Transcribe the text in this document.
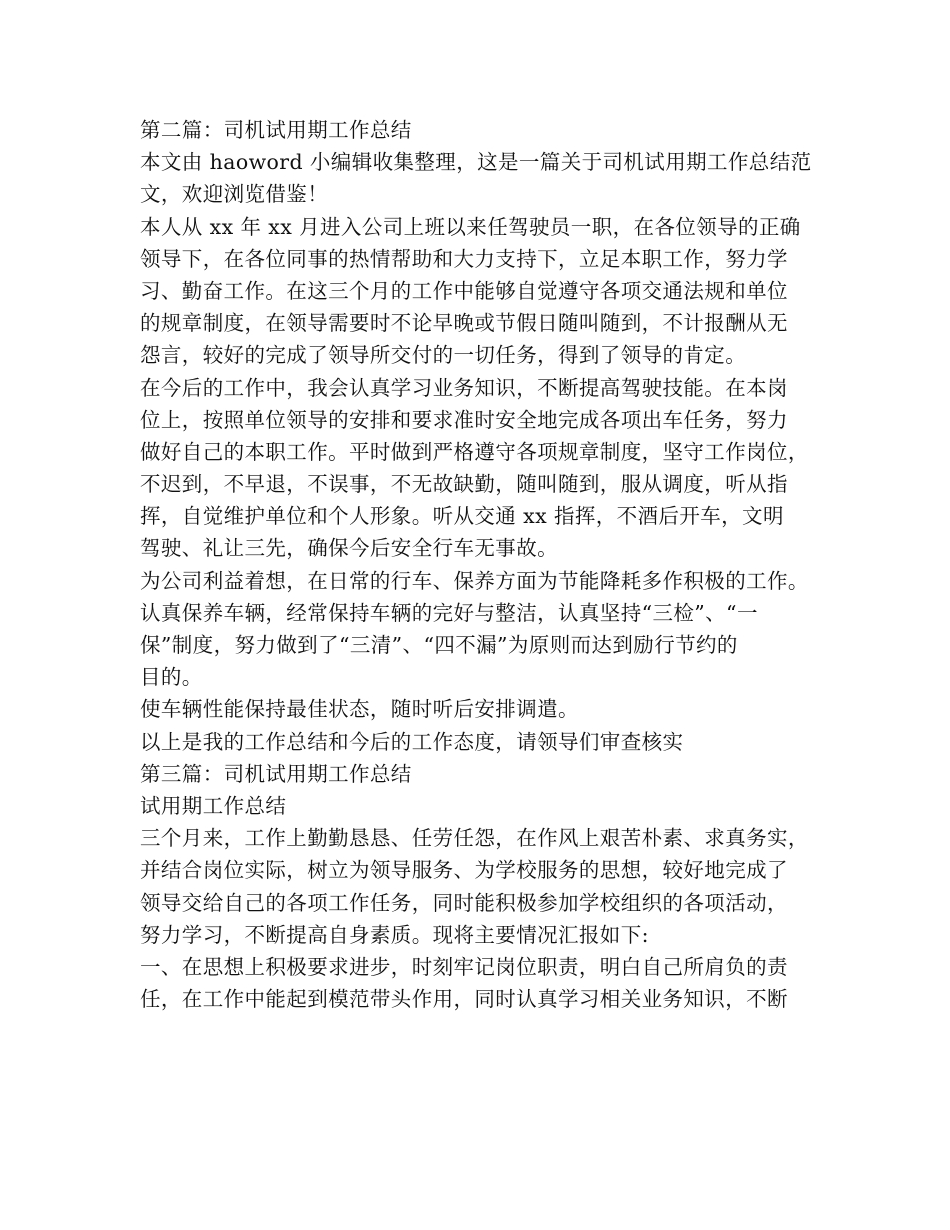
第二篇：司机试用期工作总结
本文由 haoword 小编辑收集整理，这是一篇关于司机试用期工作总结范
文，欢迎浏览借鉴！
本人从 xx 年 xx 月进入公司上班以来任驾驶员一职，在各位领导的正确
领导下，在各位同事的热情帮助和大力支持下，立足本职工作，努力学
习、勤奋工作。在这三个月的工作中能够自觉遵守各项交通法规和单位
的规章制度，在领导需要时不论早晚或节假日随叫随到，不计报酬从无
怨言，较好的完成了领导所交付的一切任务，得到了领导的肯定。
在今后的工作中，我会认真学习业务知识，不断提高驾驶技能。在本岗
位上，按照单位领导的安排和要求准时安全地完成各项出车任务，努力
做好自己的本职工作。平时做到严格遵守各项规章制度，坚守工作岗位，
不迟到，不早退，不误事，不无故缺勤，随叫随到，服从调度，听从指
挥，自觉维护单位和个人形象。听从交通 xx 指挥，不酒后开车，文明
驾驶、礼让三先，确保今后安全行车无事故。
为公司利益着想，在日常的行车、保养方面为节能降耗多作积极的工作。
认真保养车辆，经常保持车辆的完好与整洁，认真坚持“三检”、“一
保”制度，努力做到了“三清”、“四不漏”为原则而达到励行节约的
目的。
使车辆性能保持最佳状态，随时听后安排调遣。
以上是我的工作总结和今后的工作态度，请领导们审查核实
第三篇：司机试用期工作总结
试用期工作总结
三个月来，工作上勤勤恳恳、任劳任怨，在作风上艰苦朴素、求真务实，
并结合岗位实际，树立为领导服务、为学校服务的思想，较好地完成了
领导交给自己的各项工作任务，同时能积极参加学校组织的各项活动，
努力学习，不断提高自身素质。现将主要情况汇报如下:
一、在思想上积极要求进步，时刻牢记岗位职责，明白自己所肩负的责
任，在工作中能起到模范带头作用，同时认真学习相关业务知识，不断
